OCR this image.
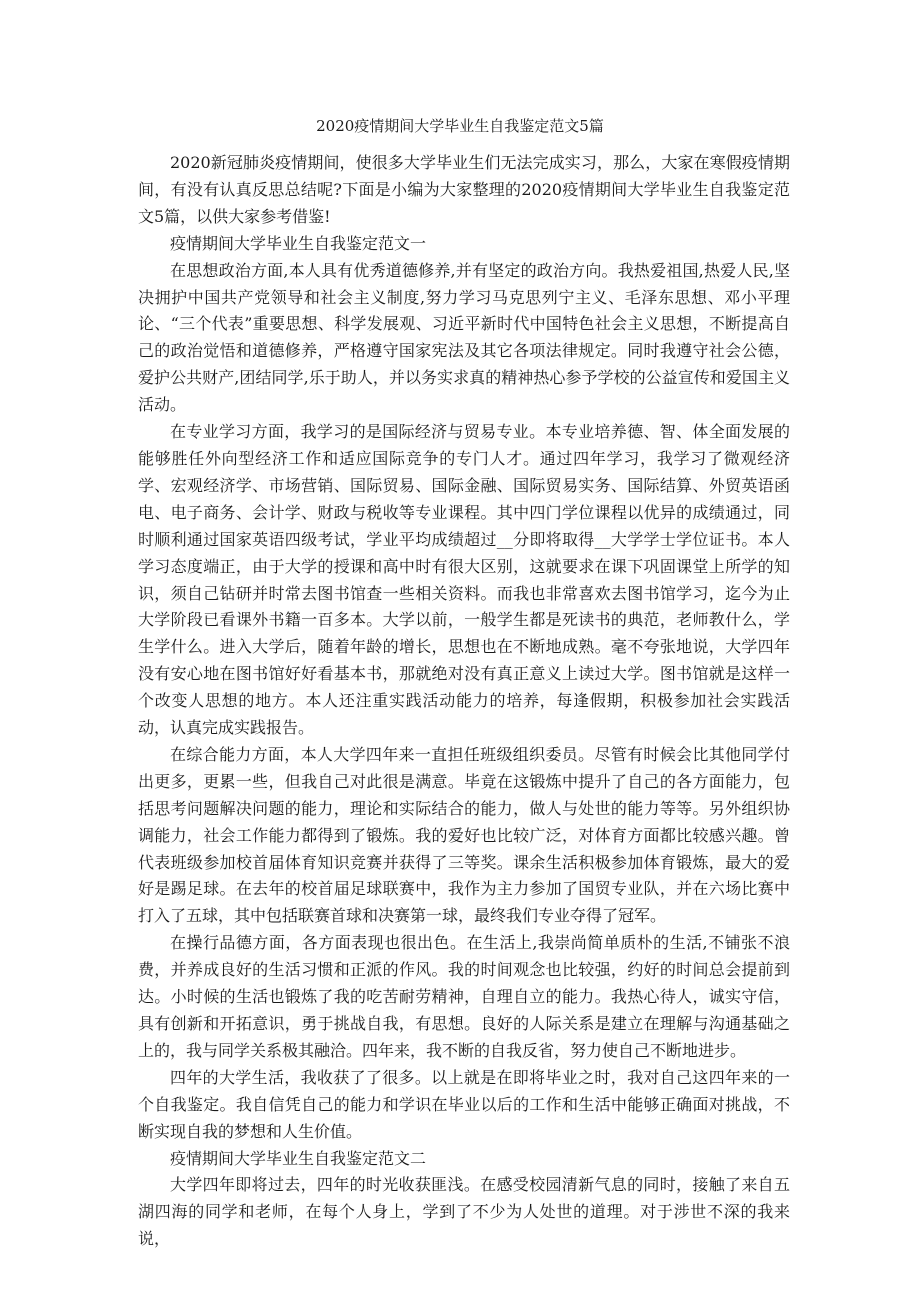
2020疫情期间大学毕业生自我鉴定范文5篇

2020新冠肺炎疫情期间，使很多大学毕业生们无法完成实习，那么，大家在寒假疫情期间，有没有认真反思总结呢?下面是小编为大家整理的2020疫情期间大学毕业生自我鉴定范文5篇，以供大家参考借鉴!

疫情期间大学毕业生自我鉴定范文一

在思想政治方面,本人具有优秀道德修养,并有坚定的政治方向。我热爱祖国,热爱人民,坚决拥护中国共产党领导和社会主义制度,努力学习马克思列宁主义、毛泽东思想、邓小平理论、“三个代表”重要思想、科学发展观、习近平新时代中国特色社会主义思想，不断提高自己的政治觉悟和道德修养，严格遵守国家宪法及其它各项法律规定。同时我遵守社会公德，爱护公共财产,团结同学,乐于助人，并以务实求真的精神热心参予学校的公益宣传和爱国主义活动。

在专业学习方面，我学习的是国际经济与贸易专业。本专业培养德、智、体全面发展的能够胜任外向型经济工作和适应国际竞争的专门人才。通过四年学习，我学习了微观经济学、宏观经济学、市场营销、国际贸易、国际金融、国际贸易实务、国际结算、外贸英语函电、电子商务、会计学、财政与税收等专业课程。其中四门学位课程以优异的成绩通过，同时顺利通过国家英语四级考试，学业平均成绩超过__分即将取得__大学学士学位证书。本人学习态度端正，由于大学的授课和高中时有很大区别，这就要求在课下巩固课堂上所学的知识，须自己钻研并时常去图书馆查一些相关资料。而我也非常喜欢去图书馆学习，迄今为止大学阶段已看课外书籍一百多本。大学以前，一般学生都是死读书的典范，老师教什么，学生学什么。进入大学后，随着年龄的增长，思想也在不断地成熟。毫不夸张地说，大学四年没有安心地在图书馆好好看基本书，那就绝对没有真正意义上读过大学。图书馆就是这样一个改变人思想的地方。本人还注重实践活动能力的培养，每逢假期，积极参加社会实践活动，认真完成实践报告。

在综合能力方面，本人大学四年来一直担任班级组织委员。尽管有时候会比其他同学付出更多，更累一些，但我自己对此很是满意。毕竟在这锻炼中提升了自己的各方面能力，包括思考问题解决问题的能力，理论和实际结合的能力，做人与处世的能力等等。另外组织协调能力，社会工作能力都得到了锻炼。我的爱好也比较广泛，对体育方面都比较感兴趣。曾代表班级参加校首届体育知识竞赛并获得了三等奖。课余生活积极参加体育锻炼，最大的爱好是踢足球。在去年的校首届足球联赛中，我作为主力参加了国贸专业队，并在六场比赛中打入了五球，其中包括联赛首球和决赛第一球，最终我们专业夺得了冠军。

在操行品德方面，各方面表现也很出色。在生活上,我崇尚简单质朴的生活,不铺张不浪费，并养成良好的生活习惯和正派的作风。我的时间观念也比较强，约好的时间总会提前到达。小时候的生活也锻炼了我的吃苦耐劳精神，自理自立的能力。我热心待人，诚实守信，具有创新和开拓意识，勇于挑战自我，有思想。良好的人际关系是建立在理解与沟通基础之上的，我与同学关系极其融洽。四年来，我不断的自我反省，努力使自己不断地进步。

四年的大学生活，我收获了了很多。以上就是在即将毕业之时，我对自己这四年来的一个自我鉴定。我自信凭自己的能力和学识在毕业以后的工作和生活中能够正确面对挑战，不断实现自我的梦想和人生价值。

疫情期间大学毕业生自我鉴定范文二

大学四年即将过去，四年的时光收获匪浅。在感受校园清新气息的同时，接触了来自五湖四海的同学和老师，在每个人身上，学到了不少为人处世的道理。对于涉世不深的我来说，
